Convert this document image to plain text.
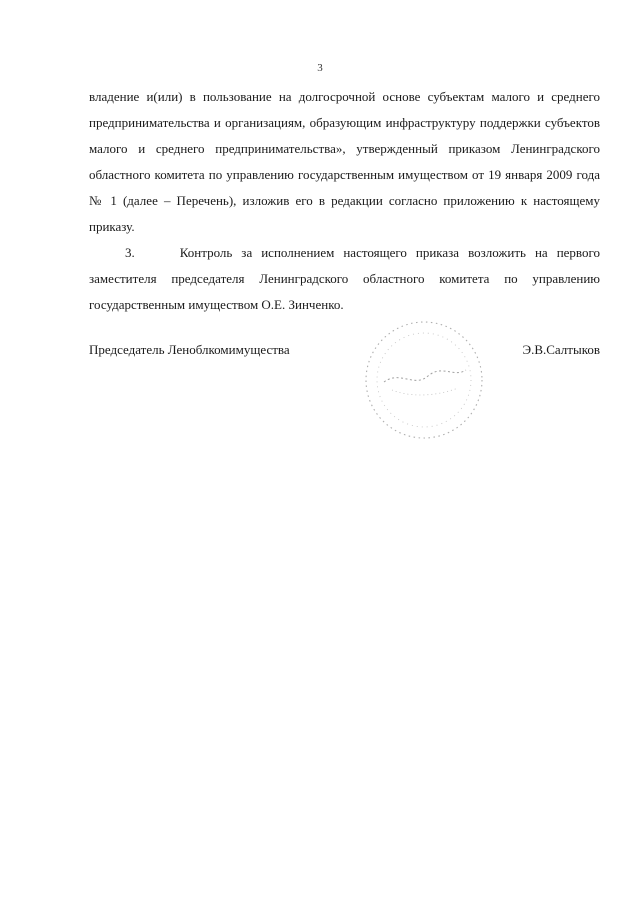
3

владение и(или) в пользование на долгосрочной основе субъектам малого и среднего предпринимательства и организациям, образующим инфраструктуру поддержки субъектов малого и среднего предпринимательства», утвержденный приказом Ленинградского областного комитета по управлению государственным имуществом от 19 января 2009 года № 1 (далее – Перечень), изложив его в редакции согласно приложению к настоящему приказу.

3.     Контроль за исполнением настоящего приказа возложить на первого заместителя председателя Ленинградского областного комитета по управлению государственным имуществом О.Е. Зинченко.

Председатель Леноблкомимущества	Э.В.Салтыков
